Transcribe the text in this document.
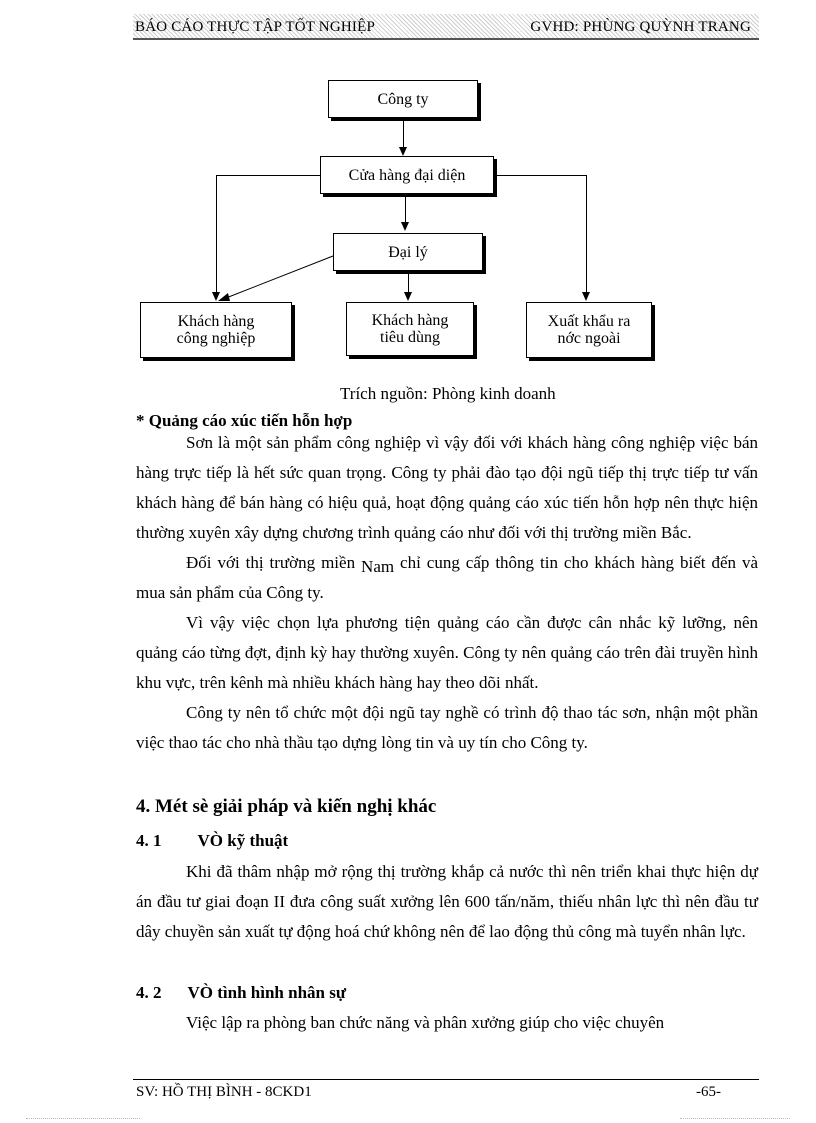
BÁO CÁO THỰC TẬP TỐT NGHIỆP	GVHD: PHÙNG QUỲNH TRANG
Công ty
Cửa hàng đại diện
Đại lý
Khách hàng
công nghiệp
Khách hàng
tiêu dùng
Xuất khẩu ra
nớc ngoài
Trích nguồn: Phòng kinh doanh
* Quảng cáo xúc tiến hỗn hợp

Sơn là một sản phẩm công nghiệp vì vậy đối với khách hàng công nghiệp việc bán hàng trực tiếp là hết sức quan trọng. Công ty phải đào tạo đội ngũ tiếp thị trực tiếp tư vấn khách hàng để bán hàng có hiệu quả, hoạt động quảng cáo xúc tiến hỗn hợp nên thực hiện thường xuyên xây dựng chương trình quảng cáo như đối với thị trường miền Bắc.

Đối với thị trường miền Nam chỉ cung cấp thông tin cho khách hàng biết đến và mua sản phẩm của Công ty.

Vì vậy việc chọn lựa phương tiện quảng cáo cần được cân nhắc kỹ lưỡng, nên quảng cáo từng đợt, định kỳ hay thường xuyên. Công ty nên quảng cáo trên đài truyền hình khu vực, trên kênh mà nhiều khách hàng hay theo dõi nhất.

Công ty nên tổ chức một đội ngũ tay nghề có trình độ thao tác sơn, nhận một phần việc thao tác cho nhà thầu tạo dựng lòng tin và uy tín cho Công ty.

4. Mét sè giải pháp và kiến nghị khác
4. 1 VÒ kỹ thuật

Khi đã thâm nhập mở rộng thị trường khắp cả nước thì nên triển khai thực hiện dự án đầu tư giai đoạn II đưa công suất xưởng lên 600 tấn/năm, thiếu nhân lực thì nên đầu tư dây chuyền sản xuất tự động hoá chứ không nên để lao động thủ công mà tuyển nhân lực.

4. 2 VÒ tình hình nhân sự

Việc lập ra phòng ban chức năng và phân xưởng giúp cho việc chuyên

SV: HỒ THỊ BÌNH - 8CKD1	-65-
